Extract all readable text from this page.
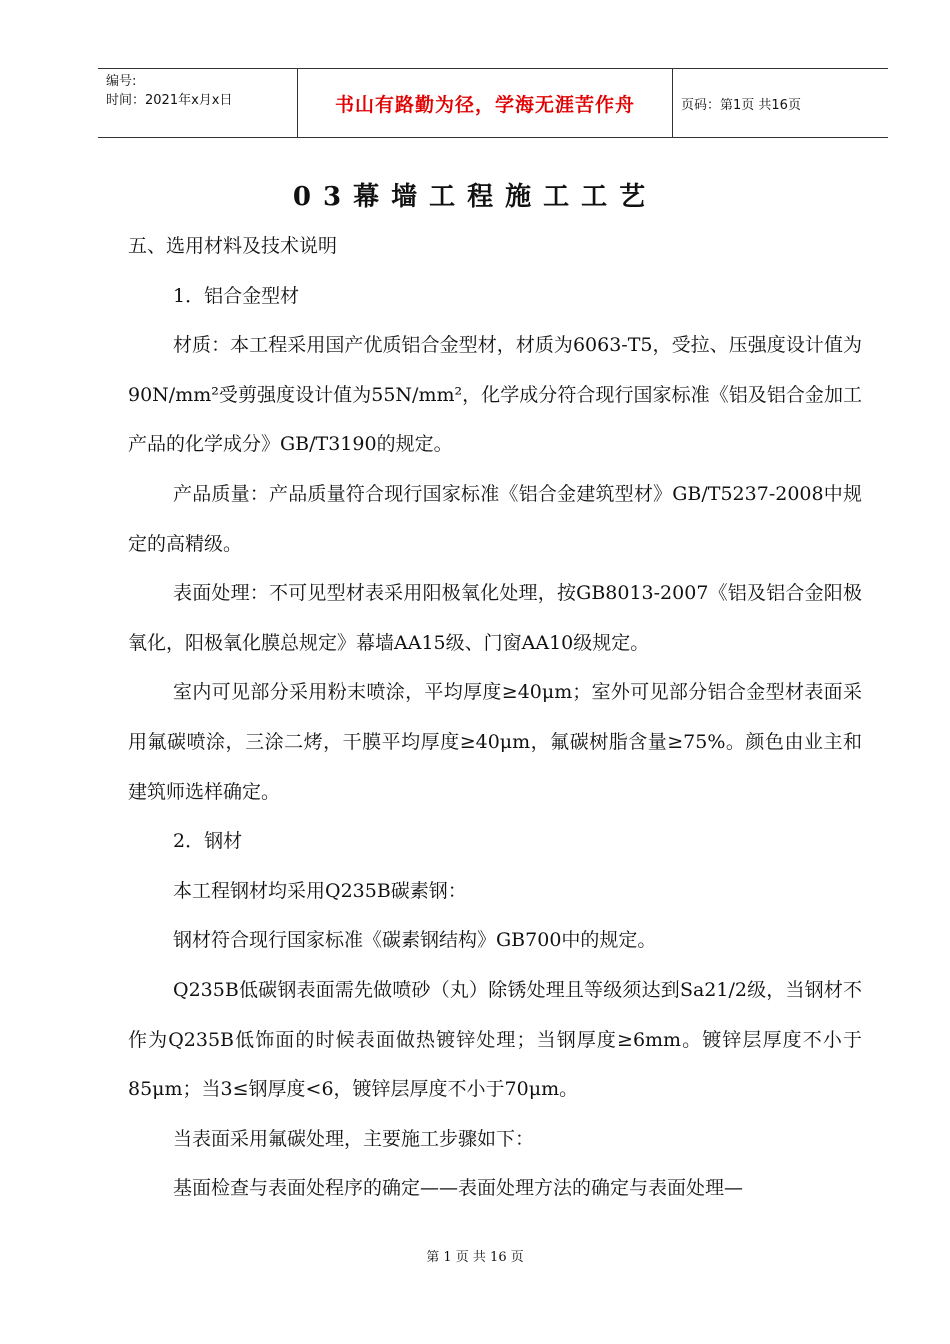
编号:
时间：2021年x月x日	书山有路勤为径，学海无涯苦作舟	页码：第1页 共16页
03幕墙工程施工工艺

五、选用材料及技术说明

1．铝合金型材

材质：本工程采用国产优质铝合金型材，材质为6063-T5，受拉、压强度设计值为90N/mm²受剪强度设计值为55N/mm²，化学成分符合现行国家标准《铝及铝合金加工产品的化学成分》GB/T3190的规定。

产品质量：产品质量符合现行国家标准《铝合金建筑型材》GB/T5237-2008中规定的高精级。

表面处理：不可见型材表采用阳极氧化处理，按GB8013-2007《铝及铝合金阳极氧化，阳极氧化膜总规定》幕墙AA15级、门窗AA10级规定。

室内可见部分采用粉末喷涂，平均厚度≥40μm；室外可见部分铝合金型材表面采用氟碳喷涂，三涂二烤，干膜平均厚度≥40μm，氟碳树脂含量≥75%。颜色由业主和建筑师选样确定。

2．钢材

本工程钢材均采用Q235B碳素钢：

钢材符合现行国家标准《碳素钢结构》GB700中的规定。

Q235B低碳钢表面需先做喷砂（丸）除锈处理且等级须达到Sa21/2级，当钢材不作为Q235B低饰面的时候表面做热镀锌处理；当钢厚度≥6mm。镀锌层厚度不小于85μm；当3≤钢厚度<6，镀锌层厚度不小于70μm。

当表面采用氟碳处理，主要施工步骤如下：

基面检查与表面处程序的确定——表面处理方法的确定与表面处理—

第 1 页 共 16 页
